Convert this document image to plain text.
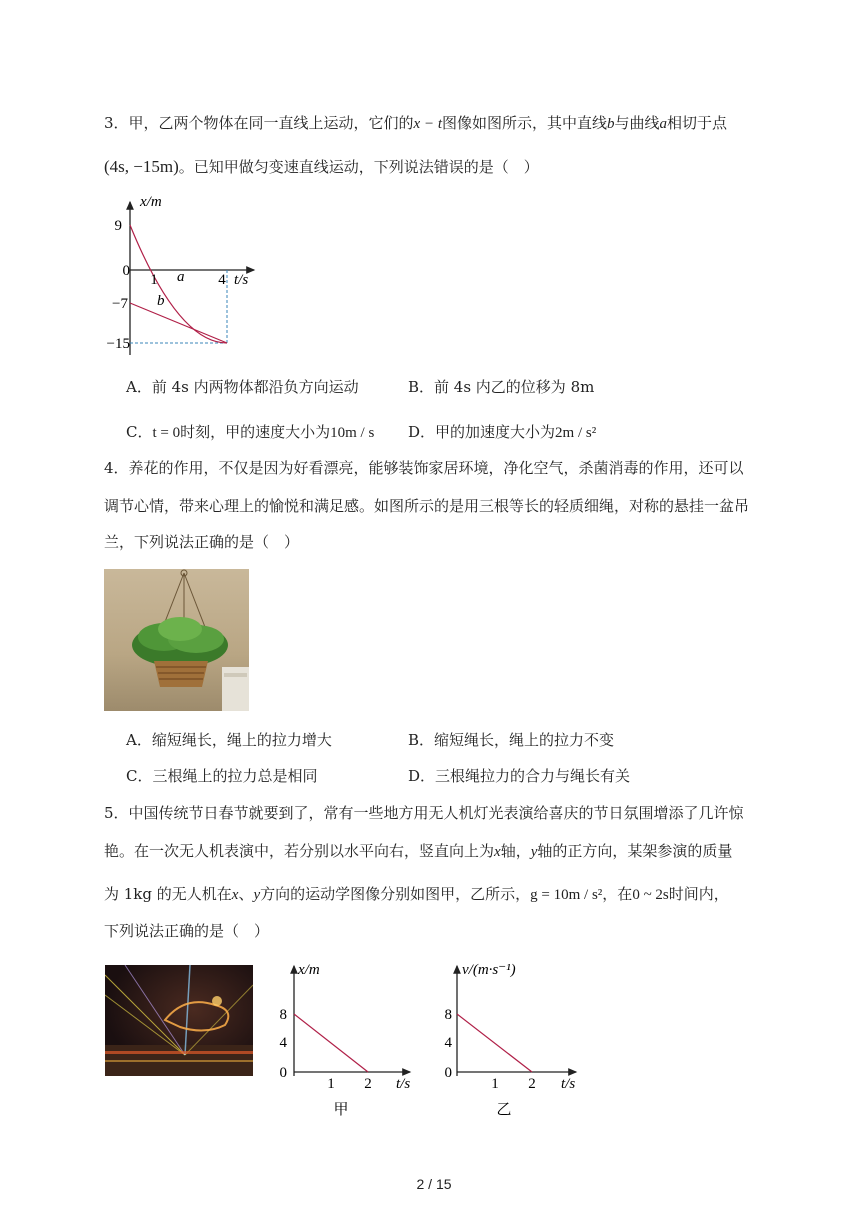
3．甲，乙两个物体在同一直线上运动，它们的x − t图像如图所示，其中直线b与曲线a相切于点
(4s, −15m)。已知甲做匀变速直线运动，下列说法错误的是（　）
x/m
t/s
9
0
−7
−15
1	4
a
b
A．前 4s 内两物体都沿负方向运动	B．前 4s 内乙的位移为 8m
C．t = 0时刻，甲的速度大小为10m / s D．甲的加速度大小为2m / s²
4．养花的作用，不仅是因为好看漂亮，能够装饰家居环境，净化空气，杀菌消毒的作用，还可以
调节心情，带来心理上的愉悦和满足感。如图所示的是用三根等长的轻质细绳，对称的悬挂一盆吊
兰，下列说法正确的是（　）
A．缩短绳长，绳上的拉力增大	B．缩短绳长，绳上的拉力不变
C．三根绳上的拉力总是相同	D．三根绳拉力的合力与绳长有关
5．中国传统节日春节就要到了，常有一些地方用无人机灯光表演给喜庆的节日氛围增添了几许惊
艳。在一次无人机表演中，若分别以水平向右，竖直向上为x轴，y轴的正方向，某架参演的质量
为 1kg 的无人机在x、y方向的运动学图像分别如图甲，乙所示，g = 10m / s²，在0 ~ 2s时间内，
下列说法正确的是（　）
x/m
t/s
8
4
0
1 2
甲
v/(m·s⁻¹)
t/s
8
4
0
1 2
乙
2 / 15
